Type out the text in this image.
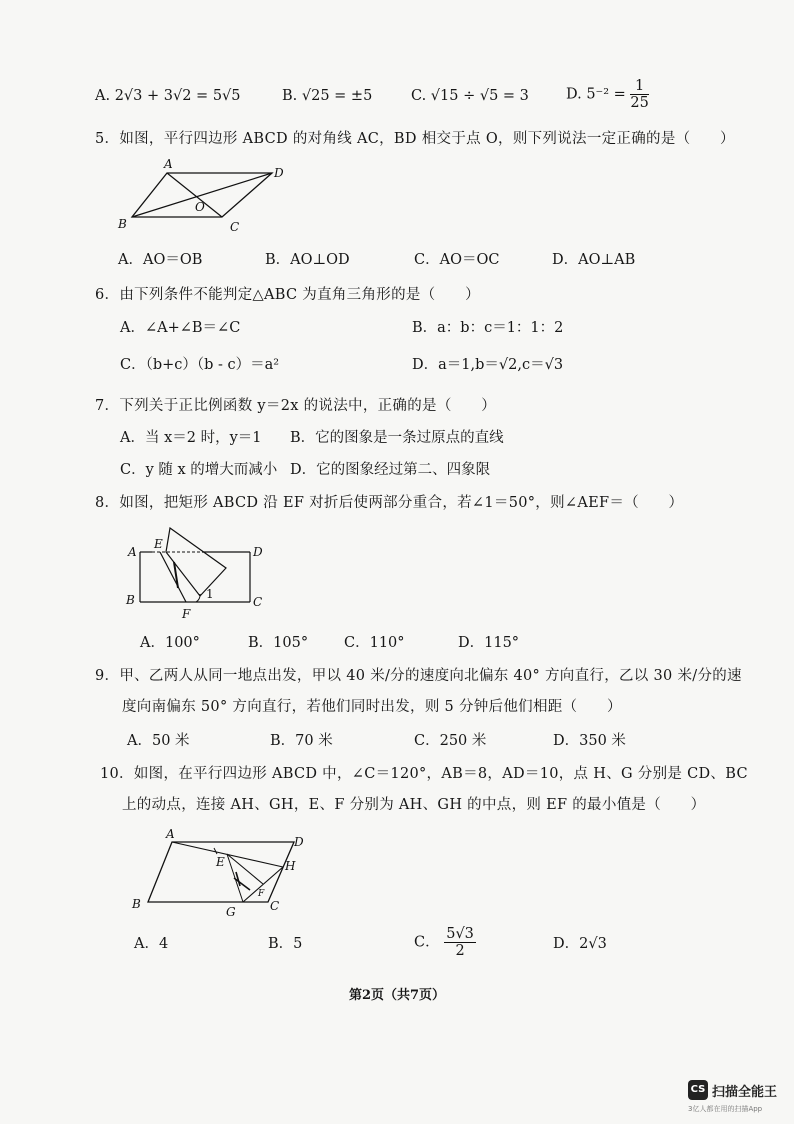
A. 2√3 + 3√2 = 5√5	B. √25 = ±5	C. √15 ÷ √5 = 3	D. $5^{-2} = \frac{1}{25}$
5．如图，平行四边形 ABCD 的对角线 AC，BD 相交于点 O，则下列说法一定正确的是（　　）
A
D
B	C
O
A．AO＝OB	B．AO⊥OD	C．AO＝OC	D．AO⊥AB
6．由下列条件不能判定△ABC 为直角三角形的是（　　）
A．∠A+∠B＝∠C	B．a：b：c＝1：1：2
C．（b+c）（b - c）＝a²	D．a＝1,b＝√2,c＝√3
7．下列关于正比例函数 y＝2x 的说法中，正确的是（　　）
A．当 x＝2 时，y＝1 B．它的图象是一条过原点的直线
C．y 随 x 的增大而减小 D．它的图象经过第二、四象限
8．如图，把矩形 ABCD 沿 EF 对折后使两部分重合，若∠1＝50°，则∠AEF＝（　　）
A
E
D
B	C
F
1
A．100°	B．105° C．110°	D．115°
9．甲、乙两人从同一地点出发，甲以 40 米/分的速度向北偏东 40° 方向直行，乙以 30 米/分的速
度向南偏东 50° 方向直行，若他们同时出发，则 5 分钟后他们相距（　　）
A．50 米	B．70 米	C．250 米	D．350 米
10．如图，在平行四边形 ABCD 中，∠C＝120°，AB＝8，AD＝10，点 H、G 分别是 CD、BC
上的动点，连接 AH、GH，E、F 分别为 AH、GH 的中点，则 EF 的最小值是（　　）
A
D
B	C
E
F
G
H
A．4	B．5	C． $\frac{5√3}{2}$	D．2√3
第2页（共7页）
CS 扫描全能王
3亿人都在用的扫描App
